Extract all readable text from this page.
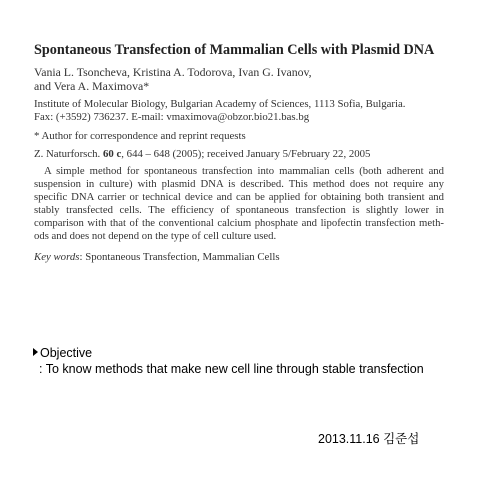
Spontaneous Transfection of Mammalian Cells with Plasmid DNA
Vania L. Tsoncheva, Kristina A. Todorova, Ivan G. Ivanov,
and Vera A. Maximova*
Institute of Molecular Biology, Bulgarian Academy of Sciences, 1113 Sofia, Bulgaria.
Fax: (+3592) 736237. E-mail: vmaximova@obzor.bio21.bas.bg
* Author for correspondence and reprint requests
Z. Naturforsch. 60 c, 644 – 648 (2005); received January 5/February 22, 2005
A simple method for spontaneous transfection into mammalian cells (both adherent and suspension in culture) with plasmid DNA is described. This method does not require any specific DNA carrier or technical device and can be applied for obtaining both transient and stably transfected cells. The efficiency of spontaneous transfection is slightly lower in comparison with that of the conventional calcium phosphate and lipofectin transfection meth- ods and does not depend on the type of cell culture used.
Key words: Spontaneous Transfection, Mammalian Cells
Objective
: To know methods that make new cell line through stable transfection
2013.11.16 김준섭
